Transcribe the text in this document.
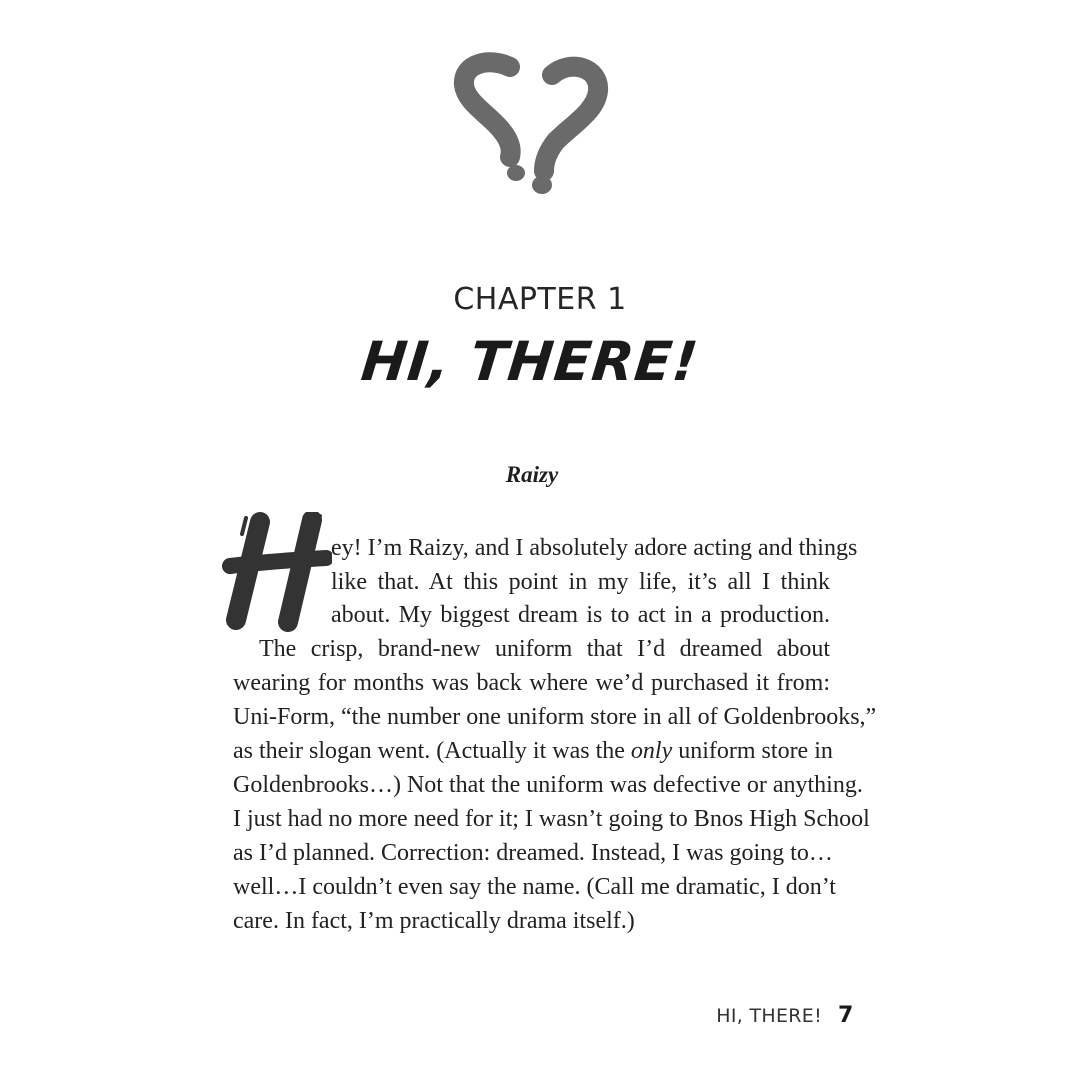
CHAPTER 1
HI, THERE!
Raizy
ey! I’m Raizy, and I absolutely adore acting and things
like that. At this point in my life, it’s all I think
about. My biggest dream is to act in a production.
The crisp, brand-new uniform that I’d dreamed about
wearing for months was back where we’d purchased it from:
Uni-Form, “the number one uniform store in all of Goldenbrooks,”
as their slogan went. (Actually it was the only uniform store in
Goldenbrooks…) Not that the uniform was defective or anything.
I just had no more need for it; I wasn’t going to Bnos High School
as I’d planned. Correction: dreamed. Instead, I was going to…
well…I couldn’t even say the name. (Call me dramatic, I don’t
care. In fact, I’m practically drama itself.)
HI, THERE! 7
